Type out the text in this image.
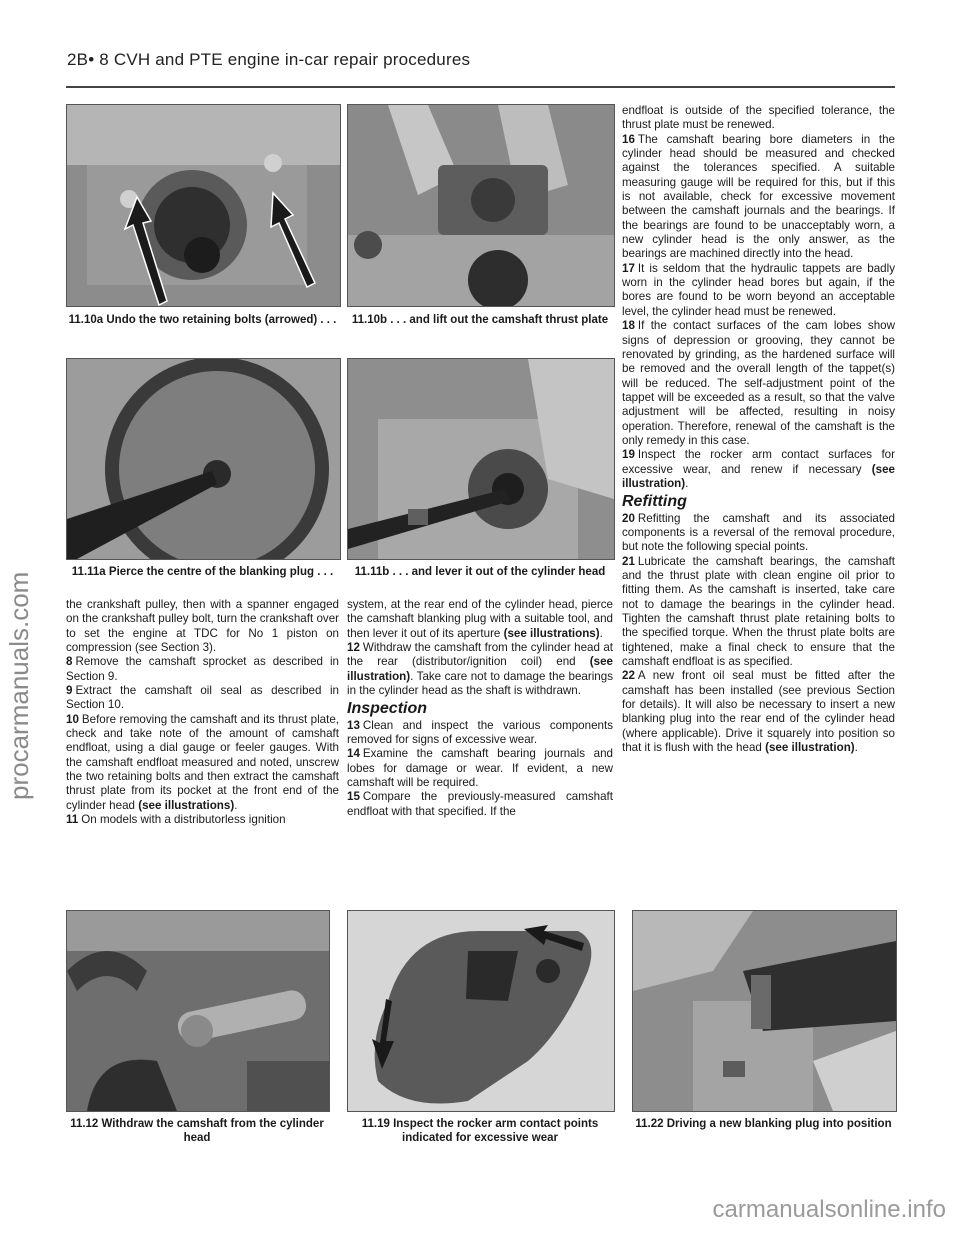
2B• 8 CVH and PTE engine in-car repair procedures
11.10a Undo the two retaining bolts (arrowed) . . .	11.10b . . . and lift out the camshaft thrust plate
11.11a Pierce the centre of the blanking plug . . .	11.11b . . . and lever it out of the cylinder head

the crankshaft pulley, then with a spanner engaged on the crankshaft pulley bolt, turn the crankshaft over to set the engine at TDC for No 1 piston on compression (see Section 3).

8 Remove the camshaft sprocket as described in Section 9.

9 Extract the camshaft oil seal as described in Section 10.

10 Before removing the camshaft and its thrust plate, check and take note of the amount of camshaft endfloat, using a dial gauge or feeler gauges. With the camshaft endfloat measured and noted, unscrew the two retaining bolts and then extract the camshaft thrust plate from its pocket at the front end of the cylinder head (see illustrations).

11 On models with a distributorless ignition

system, at the rear end of the cylinder head, pierce the camshaft blanking plug with a suitable tool, and then lever it out of its aperture (see illustrations).

12 Withdraw the camshaft from the cylinder head at the rear (distributor/ignition coil) end (see illustration). Take care not to damage the bearings in the cylinder head as the shaft is withdrawn.

Inspection

13 Clean and inspect the various components removed for signs of excessive wear.

14 Examine the camshaft bearing journals and lobes for damage or wear. If evident, a new camshaft will be required.

15 Compare the previously-measured camshaft endfloat with that specified. If the

endfloat is outside of the specified tolerance, the thrust plate must be renewed.

16 The camshaft bearing bore diameters in the cylinder head should be measured and checked against the tolerances specified. A suitable measuring gauge will be required for this, but if this is not available, check for excessive movement between the camshaft journals and the bearings. If the bearings are found to be unacceptably worn, a new cylinder head is the only answer, as the bearings are machined directly into the head.

17 It is seldom that the hydraulic tappets are badly worn in the cylinder head bores but again, if the bores are found to be worn beyond an acceptable level, the cylinder head must be renewed.

18 If the contact surfaces of the cam lobes show signs of depression or grooving, they cannot be renovated by grinding, as the hardened surface will be removed and the overall length of the tappet(s) will be reduced. The self-adjustment point of the tappet will be exceeded as a result, so that the valve adjustment will be affected, resulting in noisy operation. Therefore, renewal of the camshaft is the only remedy in this case.

19 Inspect the rocker arm contact surfaces for excessive wear, and renew if necessary (see illustration).

Refitting

20 Refitting the camshaft and its associated components is a reversal of the removal procedure, but note the following special points.

21 Lubricate the camshaft bearings, the camshaft and the thrust plate with clean engine oil prior to fitting them. As the camshaft is inserted, take care not to damage the bearings in the cylinder head. Tighten the camshaft thrust plate retaining bolts to the specified torque. When the thrust plate bolts are tightened, make a final check to ensure that the camshaft endfloat is as specified.

22 A new front oil seal must be fitted after the camshaft has been installed (see previous Section for details). It will also be necessary to insert a new blanking plug into the rear end of the cylinder head (where applicable). Drive it squarely into position so that it is flush with the head (see illustration).

11.12 Withdraw the camshaft from the cylinder head
11.19 Inspect the rocker arm contact points indicated for excessive wear
11.22 Driving a new blanking plug into position
procarmanuals.com
carmanualsonline.info
